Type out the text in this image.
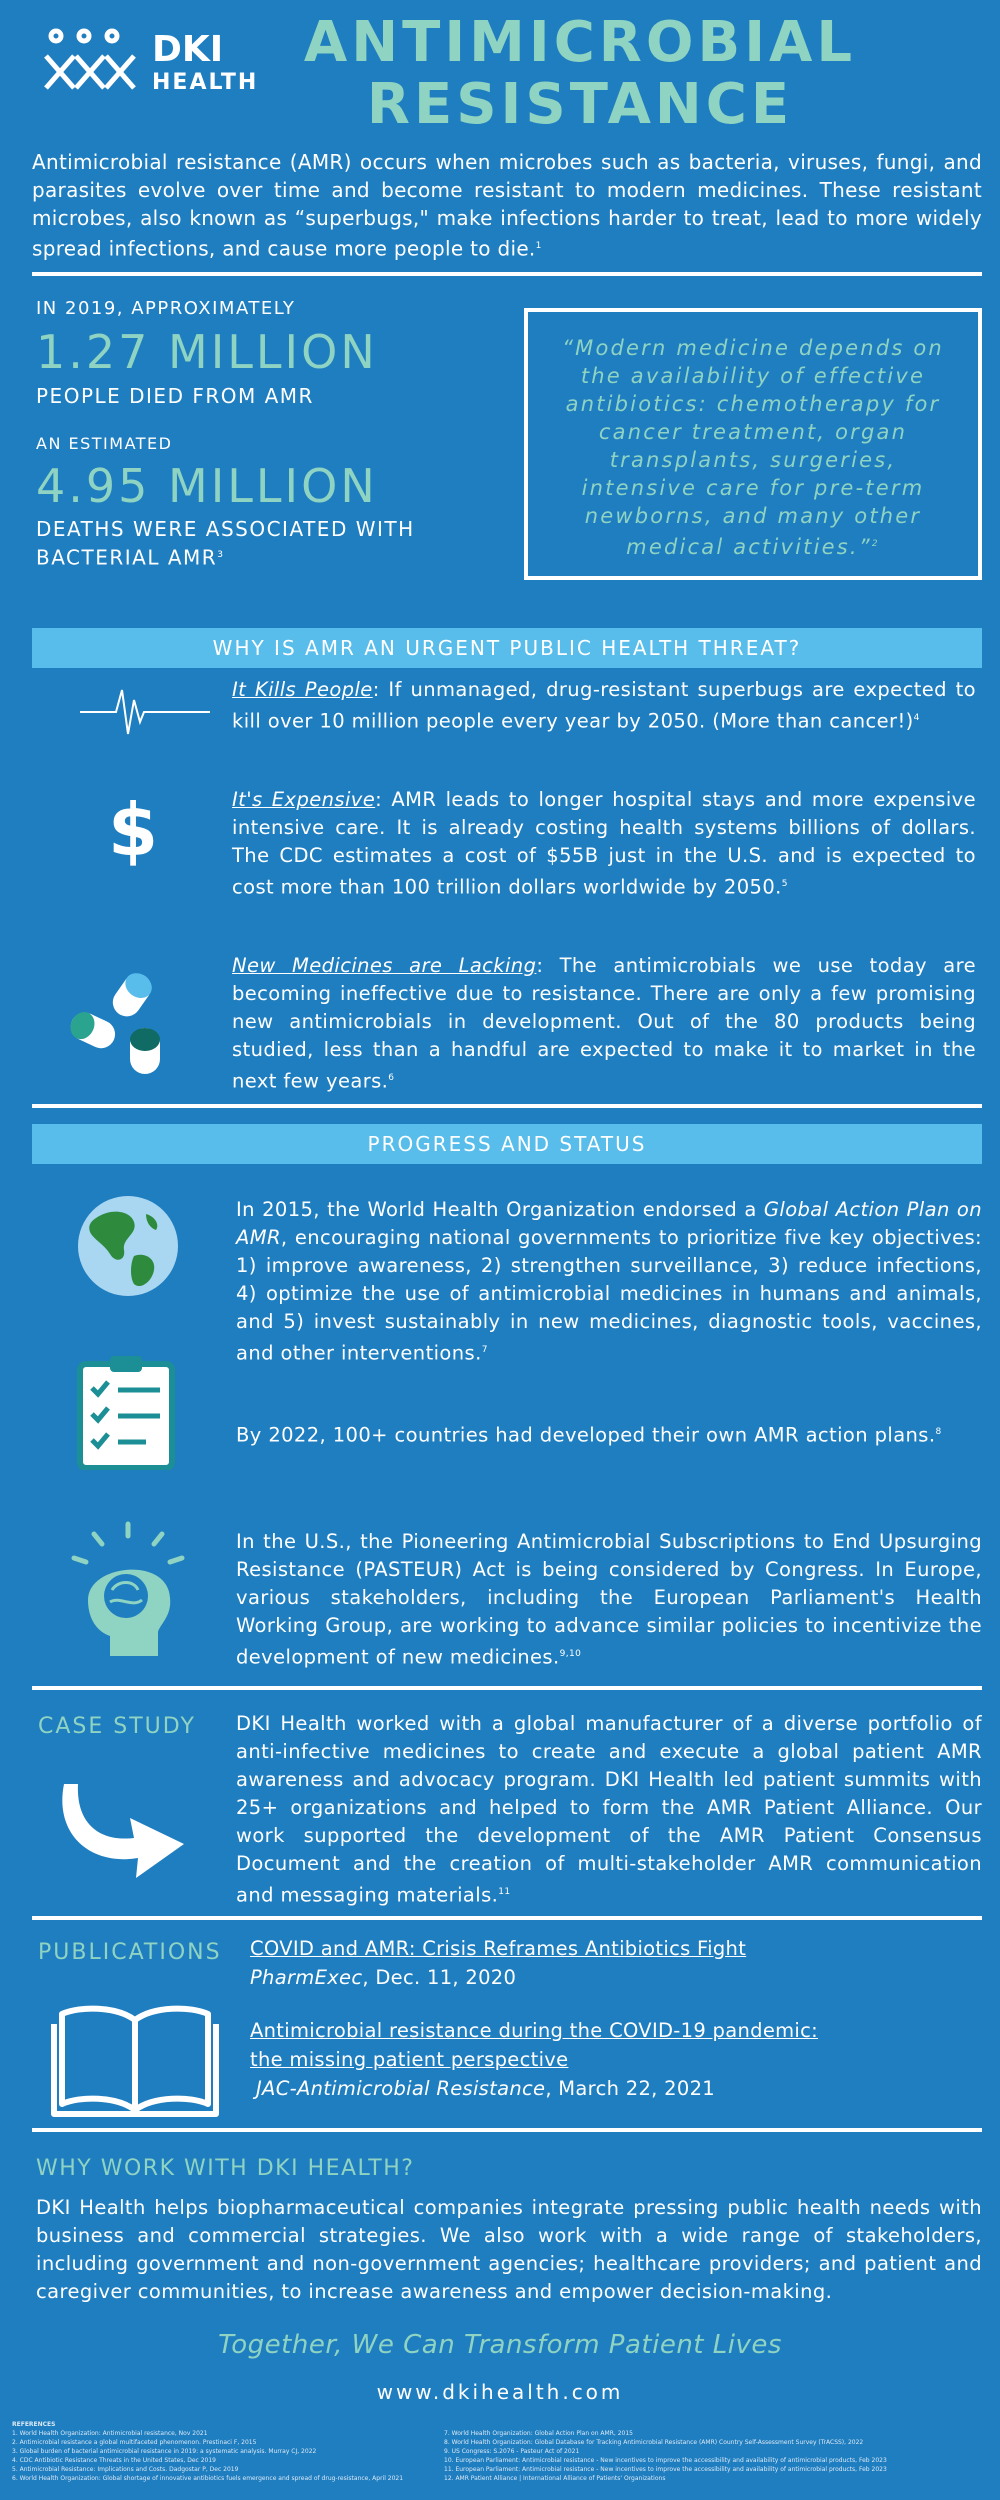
DKI
HEALTH
ANTIMICROBIAL
RESISTANCE
Antimicrobial resistance (AMR) occurs when microbes such as bacteria, viruses, fungi, and parasites evolve over time and become resistant to modern medicines. These resistant microbes, also known as “superbugs," make infections harder to treat, lead to more widely spread infections, and cause more people to die.$^1$
IN 2019, APPROXIMATELY
1.27 MILLION
PEOPLE DIED FROM AMR
AN ESTIMATED
4.95 MILLION
DEATHS WERE ASSOCIATED WITH
BACTERIAL AMR$^3$
“Modern medicine depends on the availability of effective antibiotics: chemotherapy for cancer treatment, organ transplants, surgeries, intensive care for pre-term newborns, and many other medical activities.”$^2$
WHY IS AMR AN URGENT PUBLIC HEALTH THREAT?
It Kills People: If unmanaged, drug-resistant superbugs are expected to kill over 10 million people every year by 2050. (More than cancer!)$^4$
$	It's Expensive: AMR leads to longer hospital stays and more expensive intensive care. It is already costing health systems billions of dollars. The CDC estimates a cost of $55B just in the U.S. and is expected to cost more than 100 trillion dollars worldwide by 2050.$^5$
New Medicines are Lacking: The antimicrobials we use today are becoming ineffective due to resistance. There are only a few promising new antimicrobials in development. Out of the 80 products being studied, less than a handful are expected to make it to market in the next few years.$^6$
PROGRESS AND STATUS
In 2015, the World Health Organization endorsed a Global Action Plan on AMR, encouraging national governments to prioritize five key objectives: 1) improve awareness, 2) strengthen surveillance, 3) reduce infections, 4) optimize the use of antimicrobial medicines in humans and animals, and 5) invest sustainably in new medicines, diagnostic tools, vaccines, and other interventions.$^7$
By 2022, 100+ countries had developed their own AMR action plans.$^8$
In the U.S., the Pioneering Antimicrobial Subscriptions to End Upsurging Resistance (PASTEUR) Act is being considered by Congress. In Europe, various stakeholders, including the European Parliament's Health Working Group, are working to advance similar policies to incentivize the development of new medicines.$^{9,10}$
CASE STUDY DKI Health worked with a global manufacturer of a diverse portfolio of anti-infective medicines to create and execute a global patient AMR awareness and advocacy program. DKI Health led patient summits with 25+ organizations and helped to form the AMR Patient Alliance. Our work supported the development of the AMR Patient Consensus Document and the creation of multi-stakeholder AMR communication and messaging materials.$^{11}$
PUBLICATIONS COVID and AMR: Crisis Reframes Antibiotics Fight
PharmExec, Dec. 11, 2020
Antimicrobial resistance during the COVID-19 pandemic:
the missing patient perspective
JAC-Antimicrobial Resistance, March 22, 2021
WHY WORK WITH DKI HEALTH?
DKI Health helps biopharmaceutical companies integrate pressing public health needs with business and commercial strategies. We also work with a wide range of stakeholders, including government and non-government agencies; healthcare providers; and patient and caregiver communities, to increase awareness and empower decision-making.
Together, We Can Transform Patient Lives
www.dkihealth.com
REFERENCES
1. World Health Organization: Antimicrobial resistance, Nov 2021
2. Antimicrobial resistance a global multifaceted phenomenon. Prestinaci F, 2015
3. Global burden of bacterial antimicrobial resistance in 2019: a systematic analysis. Murray CJ, 2022
4. CDC Antibiotic Resistance Threats in the United States, Dec 2019
5. Antimicrobial Resistance: Implications and Costs. Dadgostar P, Dec 2019
6. World Health Organization: Global shortage of innovative antibiotics fuels emergence and spread of drug-resistance, April 2021
7. World Health Organization: Global Action Plan on AMR, 2015
8. World Health Organization: Global Database for Tracking Antimicrobial Resistance (AMR) Country Self-Assessment Survey (TrACSS), 2022
9. US Congress: S.2076 - Pasteur Act of 2021
10. European Parliament: Antimicrobial resistance - New incentives to improve the accessibility and availability of antimicrobial products, Feb 2023
11. European Parliament: Antimicrobial resistance - New incentives to improve the accessibility and availability of antimicrobial products, Feb 2023
12. AMR Patient Alliance | International Alliance of Patients' Organizations
